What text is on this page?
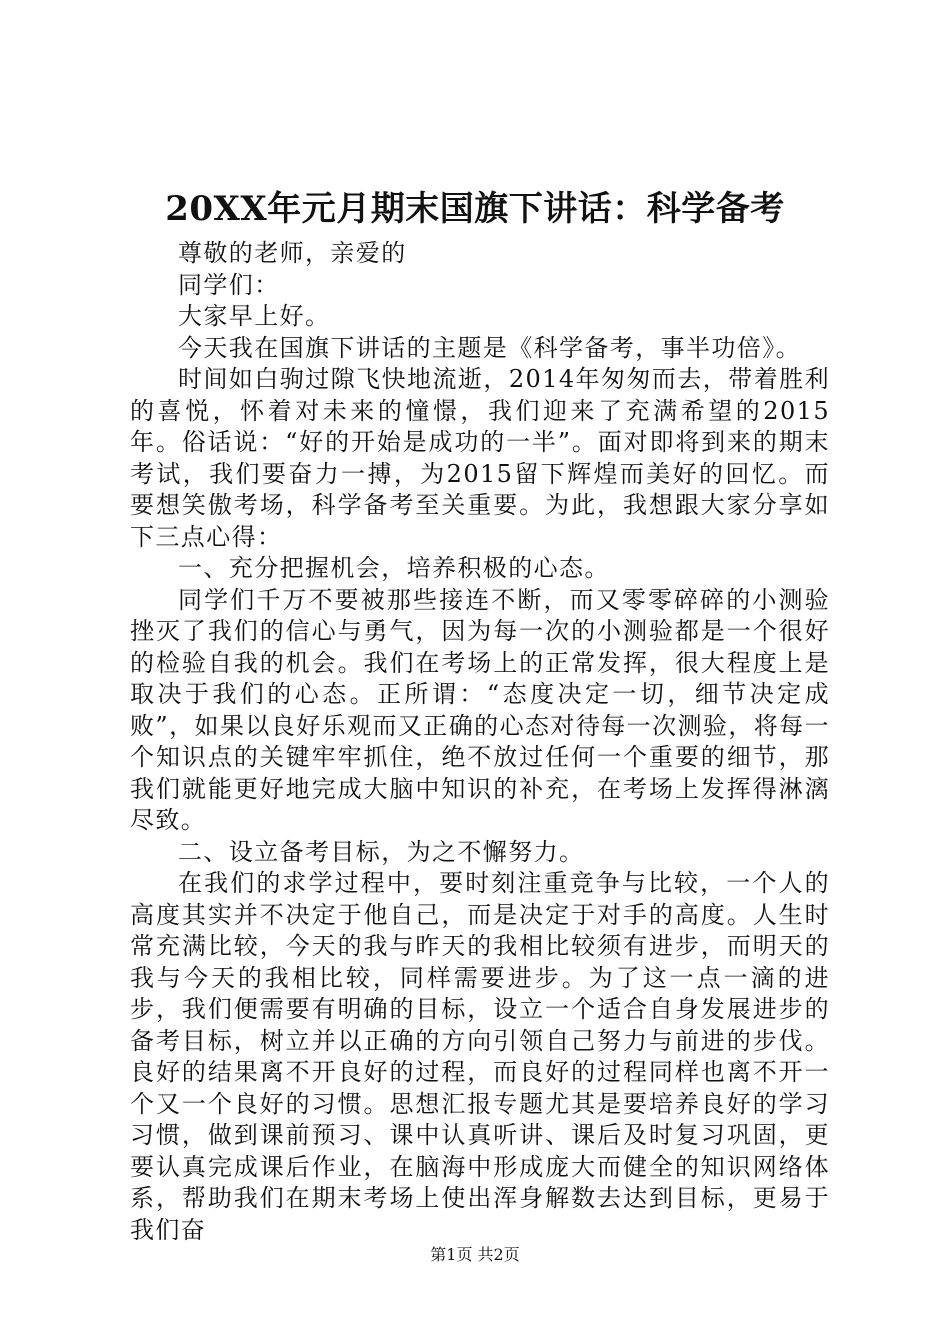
20XX年元月期末国旗下讲话：科学备考

尊敬的老师，亲爱的

同学们：

大家早上好。

今天我在国旗下讲话的主题是《科学备考，事半功倍》。

时间如白驹过隙飞快地流逝，2014年匆匆而去，带着胜利的喜悦，怀着对未来的憧憬，我们迎来了充满希望的2015年。俗话说：“好的开始是成功的一半”。面对即将到来的期末考试，我们要奋力一搏，为2015留下辉煌而美好的回忆。而要想笑傲考场，科学备考至关重要。为此，我想跟大家分享如下三点心得：

一、充分把握机会，培养积极的心态。

同学们千万不要被那些接连不断，而又零零碎碎的小测验挫灭了我们的信心与勇气，因为每一次的小测验都是一个很好的检验自我的机会。我们在考场上的正常发挥，很大程度上是取决于我们的心态。正所谓：“态度决定一切，细节决定成败”，如果以良好乐观而又正确的心态对待每一次测验，将每一个知识点的关键牢牢抓住，绝不放过任何一个重要的细节，那我们就能更好地完成大脑中知识的补充，在考场上发挥得淋漓尽致。

二、设立备考目标，为之不懈努力。

在我们的求学过程中，要时刻注重竞争与比较，一个人的高度其实并不决定于他自己，而是决定于对手的高度。人生时常充满比较，今天的我与昨天的我相比较须有进步，而明天的我与今天的我相比较，同样需要进步。为了这一点一滴的进步，我们便需要有明确的目标，设立一个适合自身发展进步的备考目标，树立并以正确的方向引领自己努力与前进的步伐。良好的结果离不开良好的过程，而良好的过程同样也离不开一个又一个良好的习惯。思想汇报专题尤其是要培养良好的学习习惯，做到课前预习、课中认真听讲、课后及时复习巩固，更要认真完成课后作业，在脑海中形成庞大而健全的知识网络体系，帮助我们在期末考场上使出浑身解数去达到目标，更易于我们奋

第1页 共2页
